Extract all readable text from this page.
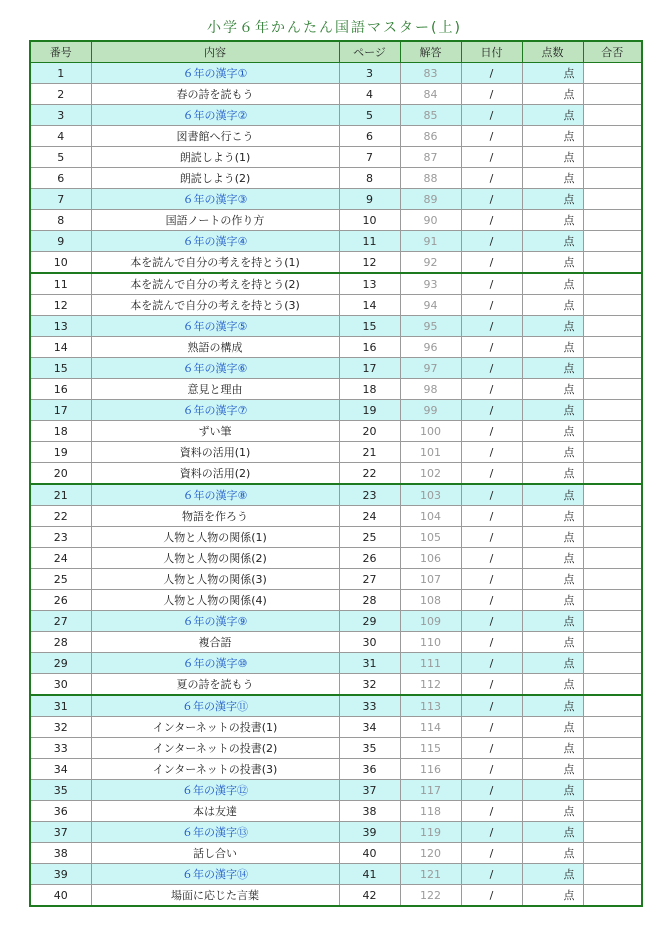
小学６年かんたん国語マスター(上)
番号	内容	ページ	解答	日付	点数	合否
1	６年の漢字①	3	83	/	点	
2	春の詩を読もう	4	84	/	点	
3	６年の漢字②	5	85	/	点	
4	図書館へ行こう	6	86	/	点	
5	朗読しよう(1)	7	87	/	点	
6	朗読しよう(2)	8	88	/	点	
7	６年の漢字③	9	89	/	点	
8	国語ノートの作り方	10	90	/	点	
9	６年の漢字④	11	91	/	点	
10	本を読んで自分の考えを持とう(1)	12	92	/	点	
11	本を読んで自分の考えを持とう(2)	13	93	/	点	
12	本を読んで自分の考えを持とう(3)	14	94	/	点	
13	６年の漢字⑤	15	95	/	点	
14	熟語の構成	16	96	/	点	
15	６年の漢字⑥	17	97	/	点	
16	意見と理由	18	98	/	点	
17	６年の漢字⑦	19	99	/	点	
18	ずい筆	20	100	/	点	
19	資料の活用(1)	21	101	/	点	
20	資料の活用(2)	22	102	/	点	
21	６年の漢字⑧	23	103	/	点	
22	物語を作ろう	24	104	/	点	
23	人物と人物の関係(1)	25	105	/	点	
24	人物と人物の関係(2)	26	106	/	点	
25	人物と人物の関係(3)	27	107	/	点	
26	人物と人物の関係(4)	28	108	/	点	
27	６年の漢字⑨	29	109	/	点	
28	複合語	30	110	/	点	
29	６年の漢字⑩	31	111	/	点	
30	夏の詩を読もう	32	112	/	点	
31	６年の漢字⑪	33	113	/	点	
32	インターネットの投書(1)	34	114	/	点	
33	インターネットの投書(2)	35	115	/	点	
34	インターネットの投書(3)	36	116	/	点	
35	６年の漢字⑫	37	117	/	点	
36	本は友達	38	118	/	点	
37	６年の漢字⑬	39	119	/	点	
38	話し合い	40	120	/	点	
39	６年の漢字⑭	41	121	/	点	
40	場面に応じた言葉	42	122	/	点	
